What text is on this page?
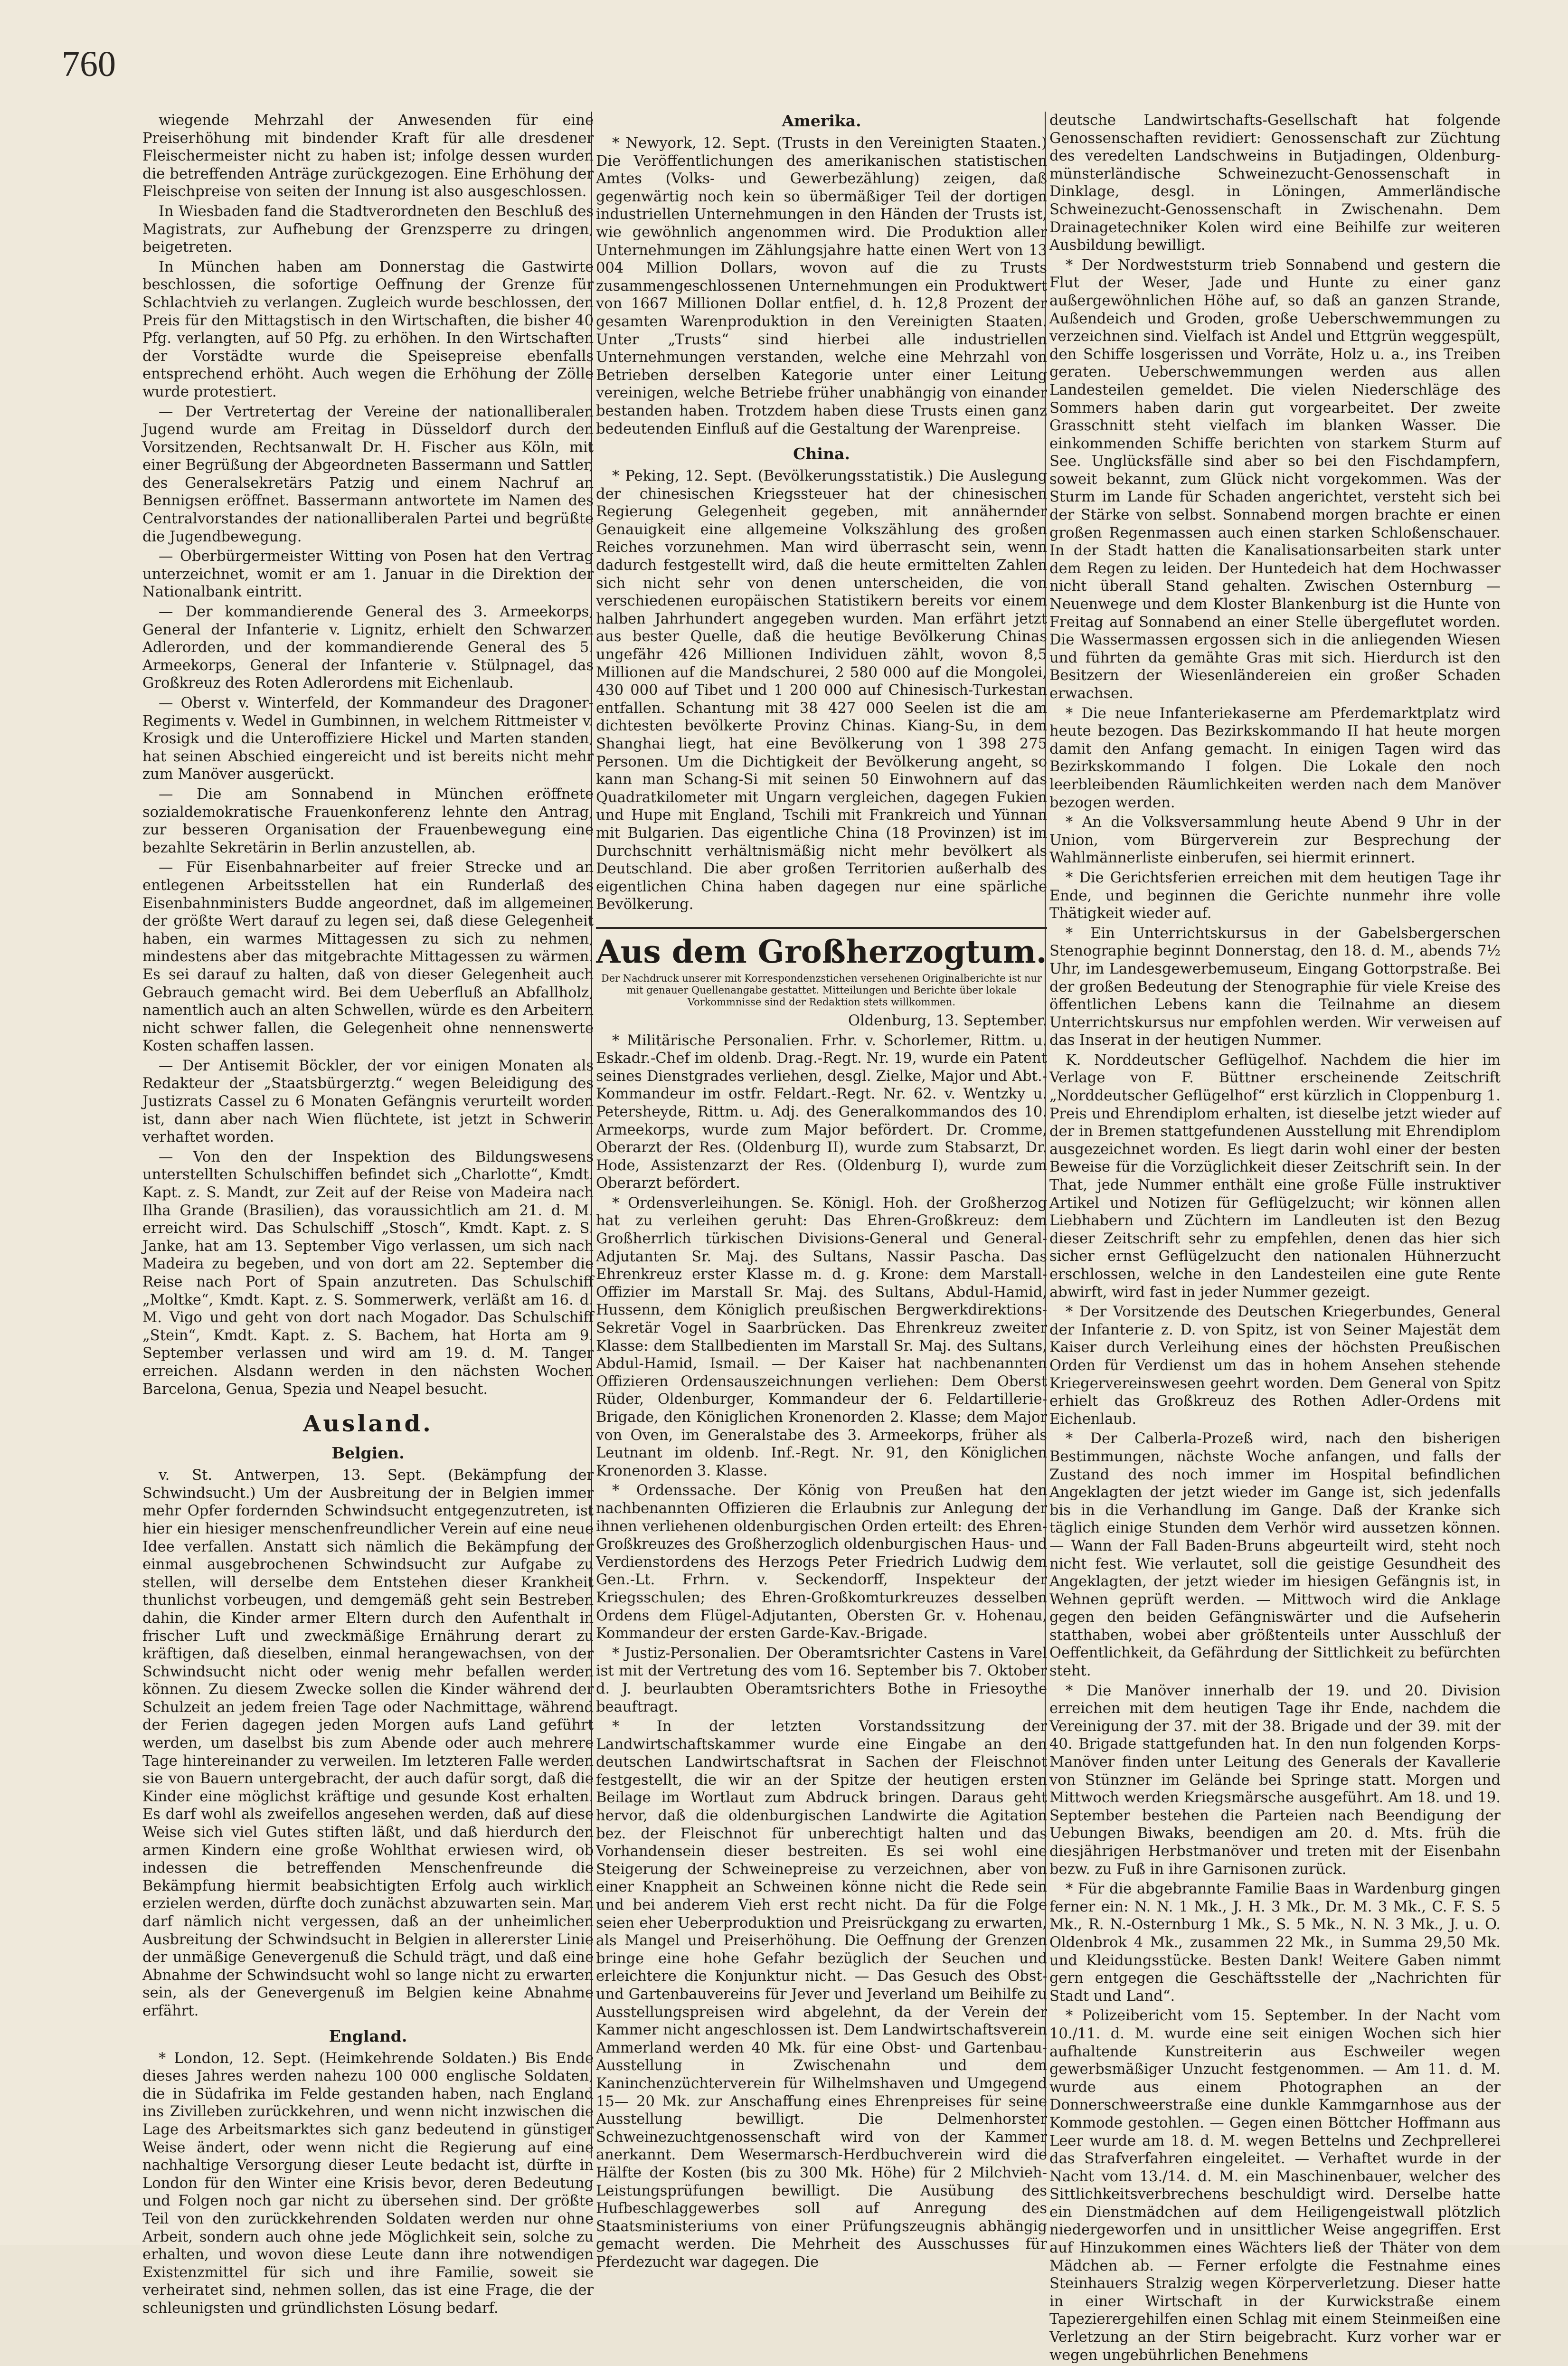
760

wiegende Mehrzahl der Anwesenden für eine Preiserhöhung mit bindender Kraft für alle dresdener Fleischermeister nicht zu haben ist; infolge dessen wurden die betreffenden Anträge zurückgezogen. Eine Erhöhung der Fleischpreise von seiten der Innung ist also ausgeschlossen.

In Wiesbaden fand die Stadtverordneten den Beschluß des Magistrats, zur Aufhebung der Grenzsperre zu dringen, beigetreten.

In München haben am Donnerstag die Gastwirte beschlossen, die sofortige Oeffnung der Grenze für Schlachtvieh zu verlangen. Zugleich wurde beschlossen, den Preis für den Mittagstisch in den Wirtschaften, die bisher 40 Pfg. verlangten, auf 50 Pfg. zu erhöhen. In den Wirtschaften der Vorstädte wurde die Speisepreise ebenfalls entsprechend erhöht. Auch wegen die Erhöhung der Zölle wurde protestiert.

— Der Vertretertag der Vereine der nationalliberalen Jugend wurde am Freitag in Düsseldorf durch den Vorsitzenden, Rechtsanwalt Dr. H. Fischer aus Köln, mit einer Begrüßung der Abgeordneten Bassermann und Sattler, des Generalsekretärs Patzig und einem Nachruf an Bennigsen eröffnet. Bassermann antwortete im Namen des Centralvorstandes der nationalliberalen Partei und begrüßte die Jugendbewegung.

— Oberbürgermeister Witting von Posen hat den Vertrag unterzeichnet, womit er am 1. Januar in die Direktion der Nationalbank eintritt.

— Der kommandierende General des 3. Armeekorps, General der Infanterie v. Lignitz, erhielt den Schwarzen Adlerorden, und der kommandierende General des 5. Armeekorps, General der Infanterie v. Stülpnagel, das Großkreuz des Roten Adlerordens mit Eichenlaub.

— Oberst v. Winterfeld, der Kommandeur des Dragoner-Regiments v. Wedel in Gumbinnen, in welchem Rittmeister v. Krosigk und die Unteroffiziere Hickel und Marten standen, hat seinen Abschied eingereicht und ist bereits nicht mehr zum Manöver ausgerückt.

— Die am Sonnabend in München eröffnete sozialdemokratische Frauenkonferenz lehnte den Antrag, zur besseren Organisation der Frauenbewegung eine bezahlte Sekretärin in Berlin anzustellen, ab.

— Für Eisenbahnarbeiter auf freier Strecke und an entlegenen Arbeitsstellen hat ein Runderlaß des Eisenbahnministers Budde angeordnet, daß im allgemeinen der größte Wert darauf zu legen sei, daß diese Gelegenheit haben, ein warmes Mittagessen zu sich zu nehmen, mindestens aber das mitgebrachte Mittagessen zu wärmen. Es sei darauf zu halten, daß von dieser Gelegenheit auch Gebrauch gemacht wird. Bei dem Ueberfluß an Abfallholz, namentlich auch an alten Schwellen, würde es den Arbeitern nicht schwer fallen, die Gelegenheit ohne nennenswerte Kosten schaffen lassen.

— Der Antisemit Böckler, der vor einigen Monaten als Redakteur der „Staatsbürgerztg.“ wegen Beleidigung des Justizrats Cassel zu 6 Monaten Gefängnis verurteilt worden ist, dann aber nach Wien flüchtete, ist jetzt in Schwerin verhaftet worden.

— Von den der Inspektion des Bildungswesens unterstellten Schulschiffen befindet sich „Charlotte“, Kmdt. Kapt. z. S. Mandt, zur Zeit auf der Reise von Madeira nach Ilha Grande (Brasilien), das voraussichtlich am 21. d. M. erreicht wird. Das Schulschiff „Stosch“, Kmdt. Kapt. z. S. Janke, hat am 13. September Vigo verlassen, um sich nach Madeira zu begeben, und von dort am 22. September die Reise nach Port of Spain anzutreten. Das Schulschiff „Moltke“, Kmdt. Kapt. z. S. Sommerwerk, verläßt am 16. d. M. Vigo und geht von dort nach Mogador. Das Schulschiff „Stein“, Kmdt. Kapt. z. S. Bachem, hat Horta am 9. September verlassen und wird am 19. d. M. Tanger erreichen. Alsdann werden in den nächsten Wochen Barcelona, Genua, Spezia und Neapel besucht.

Ausland.
Belgien.

v. St. Antwerpen, 13. Sept. (Bekämpfung der Schwindsucht.) Um der Ausbreitung der in Belgien immer mehr Opfer fordernden Schwindsucht entgegenzutreten, ist hier ein hiesiger menschenfreundlicher Verein auf eine neue Idee verfallen. Anstatt sich nämlich die Bekämpfung der einmal ausgebrochenen Schwindsucht zur Aufgabe zu stellen, will derselbe dem Entstehen dieser Krankheit thunlichst vorbeugen, und demgemäß geht sein Bestreben dahin, die Kinder armer Eltern durch den Aufenthalt in frischer Luft und zweckmäßige Ernährung derart zu kräftigen, daß dieselben, einmal herangewachsen, von der Schwindsucht nicht oder wenig mehr befallen werden können. Zu diesem Zwecke sollen die Kinder während der Schulzeit an jedem freien Tage oder Nachmittage, während der Ferien dagegen jeden Morgen aufs Land geführt werden, um daselbst bis zum Abende oder auch mehrere Tage hintereinander zu verweilen. Im letzteren Falle werden sie von Bauern untergebracht, der auch dafür sorgt, daß die Kinder eine möglichst kräftige und gesunde Kost erhalten. Es darf wohl als zweifellos angesehen werden, daß auf diese Weise sich viel Gutes stiften läßt, und daß hierdurch den armen Kindern eine große Wohlthat erwiesen wird, ob indessen die betreffenden Menschenfreunde die Bekämpfung hiermit beabsichtigten Erfolg auch wirklich erzielen werden, dürfte doch zunächst abzuwarten sein. Man darf nämlich nicht vergessen, daß an der unheimlichen Ausbreitung der Schwindsucht in Belgien in allererster Linie der unmäßige Genevergenuß die Schuld trägt, und daß eine Abnahme der Schwindsucht wohl so lange nicht zu erwarten sein, als der Genevergenuß im Belgien keine Abnahme erfährt.

England.

* London, 12. Sept. (Heimkehrende Soldaten.) Bis Ende dieses Jahres werden nahezu 100 000 englische Soldaten, die in Südafrika im Felde gestanden haben, nach England ins Zivilleben zurückkehren, und wenn nicht inzwischen die Lage des Arbeitsmarktes sich ganz bedeutend in günstiger Weise ändert, oder wenn nicht die Regierung auf eine nachhaltige Versorgung dieser Leute bedacht ist, dürfte in London für den Winter eine Krisis bevor, deren Bedeutung und Folgen noch gar nicht zu übersehen sind. Der größte Teil von den zurückkehrenden Soldaten werden nur ohne Arbeit, sondern auch ohne jede Möglichkeit sein, solche zu erhalten, und wovon diese Leute dann ihre notwendigen Existenzmittel für sich und ihre Familie, soweit sie verheiratet sind, nehmen sollen, das ist eine Frage, die der schleunigsten und gründlichsten Lösung bedarf.

Amerika.

* Newyork, 12. Sept. (Trusts in den Vereinigten Staaten.) Die Veröffentlichungen des amerikanischen statistischen Amtes (Volks- und Gewerbezählung) zeigen, daß gegenwärtig noch kein so übermäßiger Teil der dortigen industriellen Unternehmungen in den Händen der Trusts ist, wie gewöhnlich angenommen wird. Die Produktion aller Unternehmungen im Zählungsjahre hatte einen Wert von 13 004 Million Dollars, wovon auf die zu Trusts zusammengeschlossenen Unternehmungen ein Produktwert von 1667 Millionen Dollar entfiel, d. h. 12,8 Prozent der gesamten Warenproduktion in den Vereinigten Staaten. Unter „Trusts“ sind hierbei alle industriellen Unternehmungen verstanden, welche eine Mehrzahl von Betrieben derselben Kategorie unter einer Leitung vereinigen, welche Betriebe früher unabhängig von einander bestanden haben. Trotzdem haben diese Trusts einen ganz bedeutenden Einfluß auf die Gestaltung der Warenpreise.

China.

* Peking, 12. Sept. (Bevölkerungsstatistik.) Die Auslegung der chinesischen Kriegssteuer hat der chinesischen Regierung Gelegenheit gegeben, mit annähernder Genauigkeit eine allgemeine Volkszählung des großen Reiches vorzunehmen. Man wird überrascht sein, wenn dadurch festgestellt wird, daß die heute ermittelten Zahlen sich nicht sehr von denen unterscheiden, die von verschiedenen europäischen Statistikern bereits vor einem halben Jahrhundert angegeben wurden. Man erfährt jetzt aus bester Quelle, daß die heutige Bevölkerung Chinas ungefähr 426 Millionen Individuen zählt, wovon 8,5 Millionen auf die Mandschurei, 2 580 000 auf die Mongolei, 430 000 auf Tibet und 1 200 000 auf Chinesisch-Turkestan entfallen. Schantung mit 38 427 000 Seelen ist die am dichtesten bevölkerte Provinz Chinas. Kiang-Su, in dem Shanghai liegt, hat eine Bevölkerung von 1 398 275 Personen. Um die Dichtigkeit der Bevölkerung angeht, so kann man Schang-Si mit seinen 50 Einwohnern auf das Quadratkilometer mit Ungarn vergleichen, dagegen Fukien und Hupe mit England, Tschili mit Frankreich und Yünnan mit Bulgarien. Das eigentliche China (18 Provinzen) ist im Durchschnitt verhältnismäßig nicht mehr bevölkert als Deutschland. Die aber großen Territorien außerhalb des eigentlichen China haben dagegen nur eine spärliche Bevölkerung.

Aus dem Großherzogtum.
Der Nachdruck unserer mit Korrespondenzstichen versehenen Originalberichte ist nur mit genauer Quellenangabe gestattet. Mitteilungen und Berichte über lokale Vorkommnisse sind der Redaktion stets willkommen.
Oldenburg, 13. September.

* Militärische Personalien. Frhr. v. Schorlemer, Rittm. u. Eskadr.-Chef im oldenb. Drag.-Regt. Nr. 19, wurde ein Patent seines Dienstgrades verliehen, desgl. Zielke, Major und Abt.-Kommandeur im ostfr. Feldart.-Regt. Nr. 62. v. Wentzky u. Petersheyde, Rittm. u. Adj. des Generalkommandos des 10. Armeekorps, wurde zum Major befördert. Dr. Cromme, Oberarzt der Res. (Oldenburg II), wurde zum Stabsarzt, Dr. Hode, Assistenzarzt der Res. (Oldenburg I), wurde zum Oberarzt befördert.

* Ordensverleihungen. Se. Königl. Hoh. der Großherzog hat zu verleihen geruht: Das Ehren-Großkreuz: dem Großherrlich türkischen Divisions-General und General-Adjutanten Sr. Maj. des Sultans, Nassir Pascha. Das Ehrenkreuz erster Klasse m. d. g. Krone: dem Marstall-Offizier im Marstall Sr. Maj. des Sultans, Abdul-Hamid, Hussenn, dem Königlich preußischen Bergwerkdirektions-Sekretär Vogel in Saarbrücken. Das Ehrenkreuz zweiter Klasse: dem Stallbedienten im Marstall Sr. Maj. des Sultans, Abdul-Hamid, Ismail. — Der Kaiser hat nachbenannten Offizieren Ordensauszeichnungen verliehen: Dem Oberst Rüder, Oldenburger, Kommandeur der 6. Feldartillerie-Brigade, den Königlichen Kronenorden 2. Klasse; dem Major von Oven, im Generalstabe des 3. Armeekorps, früher als Leutnant im oldenb. Inf.-Regt. Nr. 91, den Königlichen Kronenorden 3. Klasse.

* Ordenssache. Der König von Preußen hat den nachbenannten Offizieren die Erlaubnis zur Anlegung der ihnen verliehenen oldenburgischen Orden erteilt: des Ehren-Großkreuzes des Großherzoglich oldenburgischen Haus- und Verdienstordens des Herzogs Peter Friedrich Ludwig dem Gen.-Lt. Frhrn. v. Seckendorff, Inspekteur der Kriegsschulen; des Ehren-Großkomturkreuzes desselben Ordens dem Flügel-Adjutanten, Obersten Gr. v. Hohenau, Kommandeur der ersten Garde-Kav.-Brigade.

* Justiz-Personalien. Der Oberamtsrichter Castens in Varel ist mit der Vertretung des vom 16. September bis 7. Oktober d. J. beurlaubten Oberamtsrichters Bothe in Friesoythe beauftragt.

* In der letzten Vorstandssitzung der Landwirtschaftskammer wurde eine Eingabe an den deutschen Landwirtschaftsrat in Sachen der Fleischnot festgestellt, die wir an der Spitze der heutigen ersten Beilage im Wortlaut zum Abdruck bringen. Daraus geht hervor, daß die oldenburgischen Landwirte die Agitation bez. der Fleischnot für unberechtigt halten und das Vorhandensein dieser bestreiten. Es sei wohl eine Steigerung der Schweinepreise zu verzeichnen, aber von einer Knappheit an Schweinen könne nicht die Rede sein und bei anderem Vieh erst recht nicht. Da für die Folge seien eher Ueberproduktion und Preisrückgang zu erwarten, als Mangel und Preiserhöhung. Die Oeffnung der Grenzen bringe eine hohe Gefahr bezüglich der Seuchen und erleichtere die Konjunktur nicht. — Das Gesuch des Obst- und Gartenbauvereins für Jever und Jeverland um Beihilfe zu Ausstellungspreisen wird abgelehnt, da der Verein der Kammer nicht angeschlossen ist. Dem Landwirtschaftsverein Ammerland werden 40 Mk. für eine Obst- und Gartenbau-Ausstellung in Zwischenahn und dem Kaninchenzüchterverein für Wilhelmshaven und Umgegend 15— 20 Mk. zur Anschaffung eines Ehrenpreises für seine Ausstellung bewilligt. Die Delmenhorster Schweinezuchtgenossenschaft wird von der Kammer anerkannt. Dem Wesermarsch-Herdbuchverein wird die Hälfte der Kosten (bis zu 300 Mk. Höhe) für 2 Milchvieh-Leistungsprüfungen bewilligt. Die Ausübung des Hufbeschlaggewerbes soll auf Anregung des Staatsministeriums von einer Prüfungszeugnis abhängig gemacht werden. Die Mehrheit des Ausschusses für Pferdezucht war dagegen. Die

deutsche Landwirtschafts-Gesellschaft hat folgende Genossenschaften revidiert: Genossenschaft zur Züchtung des veredelten Landschweins in Butjadingen, Oldenburg-münsterländische Schweinezucht-Genossenschaft in Dinklage, desgl. in Löningen, Ammerländische Schweinezucht-Genossenschaft in Zwischenahn. Dem Drainagetechniker Kolen wird eine Beihilfe zur weiteren Ausbildung bewilligt.

* Der Nordweststurm trieb Sonnabend und gestern die Flut der Weser, Jade und Hunte zu einer ganz außergewöhnlichen Höhe auf, so daß an ganzen Strande, Außendeich und Groden, große Ueberschwemmungen zu verzeichnen sind. Vielfach ist Andel und Ettgrün weggespült, den Schiffe losgerissen und Vorräte, Holz u. a., ins Treiben geraten. Ueberschwemmungen werden aus allen Landesteilen gemeldet. Die vielen Niederschläge des Sommers haben darin gut vorgearbeitet. Der zweite Grasschnitt steht vielfach im blanken Wasser. Die einkommenden Schiffe berichten von starkem Sturm auf See. Unglücksfälle sind aber so bei den Fischdampfern, soweit bekannt, zum Glück nicht vorgekommen. Was der Sturm im Lande für Schaden angerichtet, versteht sich bei der Stärke von selbst. Sonnabend morgen brachte er einen großen Regenmassen auch einen starken Schloßenschauer. In der Stadt hatten die Kanalisationsarbeiten stark unter dem Regen zu leiden. Der Huntedeich hat dem Hochwasser nicht überall Stand gehalten. Zwischen Osternburg — Neuenwege und dem Kloster Blankenburg ist die Hunte von Freitag auf Sonnabend an einer Stelle übergeflutet worden. Die Wassermassen ergossen sich in die anliegenden Wiesen und führten da gemähte Gras mit sich. Hierdurch ist den Besitzern der Wiesenländereien ein großer Schaden erwachsen.

* Die neue Infanteriekaserne am Pferdemarktplatz wird heute bezogen. Das Bezirkskommando II hat heute morgen damit den Anfang gemacht. In einigen Tagen wird das Bezirkskommando I folgen. Die Lokale den noch leerbleibenden Räumlichkeiten werden nach dem Manöver bezogen werden.

* An die Volksversammlung heute Abend 9 Uhr in der Union, vom Bürgerverein zur Besprechung der Wahlmännerliste einberufen, sei hiermit erinnert.

* Die Gerichtsferien erreichen mit dem heutigen Tage ihr Ende, und beginnen die Gerichte nunmehr ihre volle Thätigkeit wieder auf.

* Ein Unterrichtskursus in der Gabelsbergerschen Stenographie beginnt Donnerstag, den 18. d. M., abends 7½ Uhr, im Landesgewerbemuseum, Eingang Gottorpstraße. Bei der großen Bedeutung der Stenographie für viele Kreise des öffentlichen Lebens kann die Teilnahme an diesem Unterrichtskursus nur empfohlen werden. Wir verweisen auf das Inserat in der heutigen Nummer.

K. Norddeutscher Geflügelhof. Nachdem die hier im Verlage von F. Büttner erscheinende Zeitschrift „Norddeutscher Geflügelhof“ erst kürzlich in Cloppenburg 1. Preis und Ehrendiplom erhalten, ist dieselbe jetzt wieder auf der in Bremen stattgefundenen Ausstellung mit Ehrendiplom ausgezeichnet worden. Es liegt darin wohl einer der besten Beweise für die Vorzüglichkeit dieser Zeitschrift sein. In der That, jede Nummer enthält eine große Fülle instruktiver Artikel und Notizen für Geflügelzucht; wir können allen Liebhabern und Züchtern im Landleuten ist den Bezug dieser Zeitschrift sehr zu empfehlen, denen das hier sich sicher ernst Geflügelzucht den nationalen Hühnerzucht erschlossen, welche in den Landesteilen eine gute Rente abwirft, wird fast in jeder Nummer gezeigt.

* Der Vorsitzende des Deutschen Kriegerbundes, General der Infanterie z. D. von Spitz, ist von Seiner Majestät dem Kaiser durch Verleihung eines der höchsten Preußischen Orden für Verdienst um das in hohem Ansehen stehende Kriegervereinswesen geehrt worden. Dem General von Spitz erhielt das Großkreuz des Rothen Adler-Ordens mit Eichenlaub.

* Der Calberla-Prozeß wird, nach den bisherigen Bestimmungen, nächste Woche anfangen, und falls der Zustand des noch immer im Hospital befindlichen Angeklagten der jetzt wieder im Gange ist, sich jedenfalls bis in die Verhandlung im Gange. Daß der Kranke sich täglich einige Stunden dem Verhör wird aussetzen können. — Wann der Fall Baden-Bruns abgeurteilt wird, steht noch nicht fest. Wie verlautet, soll die geistige Gesundheit des Angeklagten, der jetzt wieder im hiesigen Gefängnis ist, in Wehnen geprüft werden. — Mittwoch wird die Anklage gegen den beiden Gefängniswärter und die Aufseherin statthaben, wobei aber größtenteils unter Ausschluß der Oeffentlichkeit, da Gefährdung der Sittlichkeit zu befürchten steht.

* Die Manöver innerhalb der 19. und 20. Division erreichen mit dem heutigen Tage ihr Ende, nachdem die Vereinigung der 37. mit der 38. Brigade und der 39. mit der 40. Brigade stattgefunden hat. In den nun folgenden Korps-Manöver finden unter Leitung des Generals der Kavallerie von Stünzner im Gelände bei Springe statt. Morgen und Mittwoch werden Kriegsmärsche ausgeführt. Am 18. und 19. September bestehen die Parteien nach Beendigung der Uebungen Biwaks, beendigen am 20. d. Mts. früh die diesjährigen Herbstmanöver und treten mit der Eisenbahn bezw. zu Fuß in ihre Garnisonen zurück.

* Für die abgebrannte Familie Baas in Wardenburg gingen ferner ein: N. N. 1 Mk., J. H. 3 Mk., Dr. M. 3 Mk., C. F. S. 5 Mk., R. N.-Osternburg 1 Mk., S. 5 Mk., N. N. 3 Mk., J. u. O. Oldenbrok 4 Mk., zusammen 22 Mk., in Summa 29,50 Mk. und Kleidungsstücke. Besten Dank! Weitere Gaben nimmt gern entgegen die Geschäftsstelle der „Nachrichten für Stadt und Land“.

* Polizeibericht vom 15. September. In der Nacht vom 10./11. d. M. wurde eine seit einigen Wochen sich hier aufhaltende Kunstreiterin aus Eschweiler wegen gewerbsmäßiger Unzucht festgenommen. — Am 11. d. M. wurde aus einem Photographen an der Donnerschweerstraße eine dunkle Kammgarnhose aus der Kommode gestohlen. — Gegen einen Böttcher Hoffmann aus Leer wurde am 18. d. M. wegen Bettelns und Zechprellerei das Strafverfahren eingeleitet. — Verhaftet wurde in der Nacht vom 13./14. d. M. ein Maschinenbauer, welcher des Sittlichkeitsverbrechens beschuldigt wird. Derselbe hatte ein Dienstmädchen auf dem Heiligengeistwall plötzlich niedergeworfen und in unsittlicher Weise angegriffen. Erst auf Hinzukommen eines Wächters ließ der Thäter von dem Mädchen ab. — Ferner erfolgte die Festnahme eines Steinhauers Stralzig wegen Körperverletzung. Dieser hatte in einer Wirtschaft in der Kurwickstraße einem Tapezierergehilfen einen Schlag mit einem Steinmeißen eine Verletzung an der Stirn beigebracht. Kurz vorher war er wegen ungebührlichen Benehmens
